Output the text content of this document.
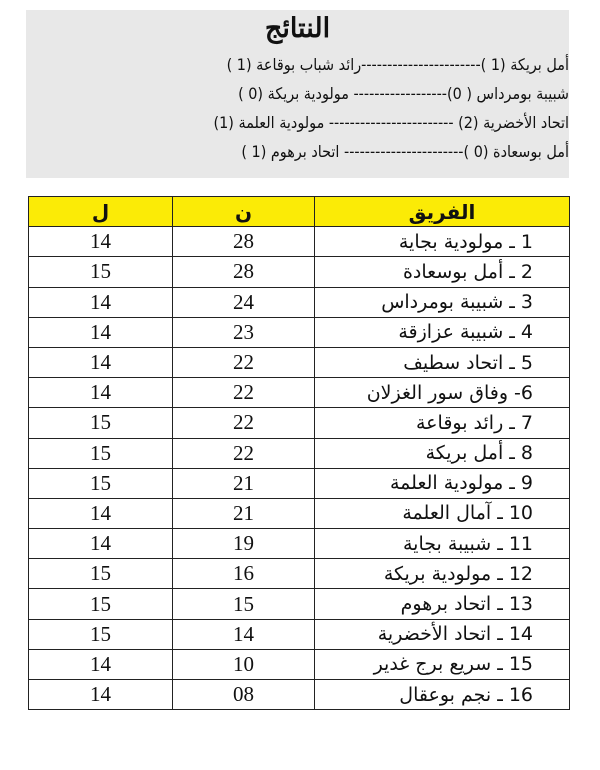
النتائج
أمل بريكة (1 )-----------------------رائد شباب بوقاعة (1 )
شبيبة بومرداس ( 0)------------------ مولودية بريكة (0 )
اتحاد الأخضرية (2) ------------------------ مولودية العلمة (1)
أمل بوسعادة (0 )----------------------- اتحاد برهوم (1 )
الفريق	ن	ل
1 ـ مولودية بجاية	28	14
2 ـ أمل بوسعادة	28	15
3 ـ شبيبة بومرداس	24	14
4 ـ شبيبة عزازقة	23	14
5 ـ اتحاد سطيف	22	14
6- وفاق سور الغزلان	22	14
7 ـ رائد بوقاعة	22	15
8 ـ أمل بريكة	22	15
9 ـ مولودية العلمة	21	15
10 ـ آمال العلمة	21	14
11 ـ شبيبة بجاية	19	14
12 ـ مولودية بريكة	16	15
13 ـ اتحاد برهوم	15	15
14 ـ اتحاد الأخضرية	14	15
15 ـ سريع برج غدير	10	14
16 ـ نجم بوعقال	08	14
